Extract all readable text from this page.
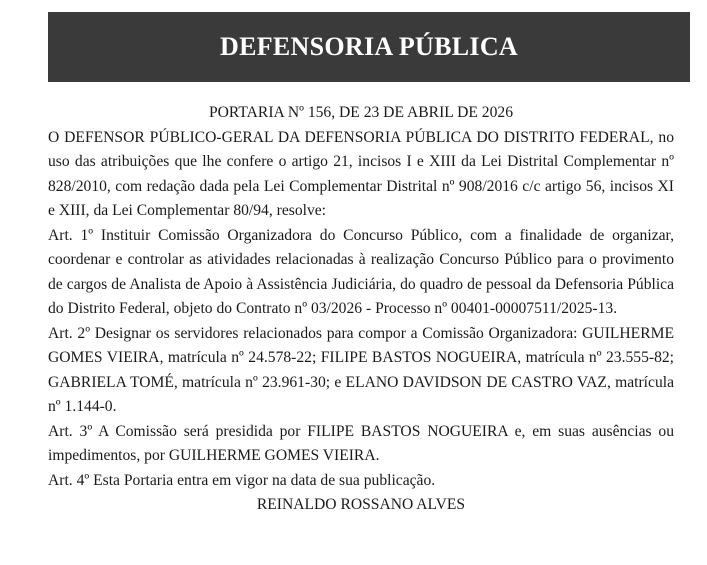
DEFENSORIA PÚBLICA

PORTARIA Nº 156, DE 23 DE ABRIL DE 2026

O DEFENSOR PÚBLICO-GERAL DA DEFENSORIA PÚBLICA DO DISTRITO FEDERAL, no uso das atribuições que lhe confere o artigo 21, incisos I e XIII da Lei Distrital Complementar nº 828/2010, com redação dada pela Lei Complementar Distrital nº 908/2016 c/c artigo 56, incisos XI e XIII, da Lei Complementar 80/94, resolve:

Art. 1º Instituir Comissão Organizadora do Concurso Público, com a finalidade de organizar, coordenar e controlar as atividades relacionadas à realização Concurso Público para o provimento de cargos de Analista de Apoio à Assistência Judiciária, do quadro de pessoal da Defensoria Pública do Distrito Federal, objeto do Contrato nº 03/2026 - Processo nº 00401-00007511/2025-13.

Art. 2º Designar os servidores relacionados para compor a Comissão Organizadora: GUILHERME GOMES VIEIRA, matrícula nº 24.578-22; FILIPE BASTOS NOGUEIRA, matrícula nº 23.555-82; GABRIELA TOMÉ, matrícula nº 23.961-30; e ELANO DAVIDSON DE CASTRO VAZ, matrícula nº 1.144-0.

Art. 3º A Comissão será presidida por FILIPE BASTOS NOGUEIRA e, em suas ausências ou impedimentos, por GUILHERME GOMES VIEIRA.

Art. 4º Esta Portaria entra em vigor na data de sua publicação.

REINALDO ROSSANO ALVES
